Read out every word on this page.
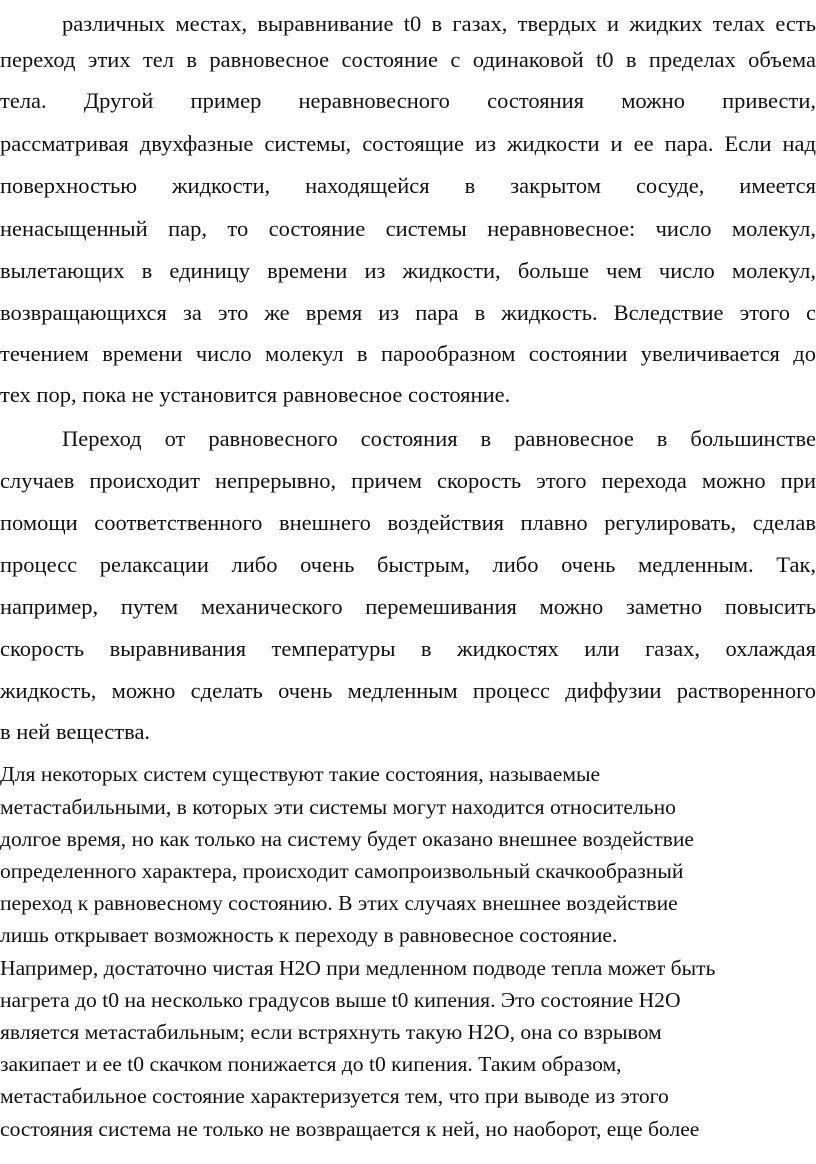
различных местах, выравнивание t0 в газах, твердых и жидких телах есть
переход этих тел в равновесное состояние с одинаковой t0 в пределах объема
тела. Другой пример неравновесного состояния можно привести,
рассматривая двухфазные системы, состоящие из жидкости и ее пара. Если над
поверхностью жидкости, находящейся в закрытом сосуде, имеется
ненасыщенный пар, то состояние системы неравновесное: число молекул,
вылетающих в единицу времени из жидкости, больше чем число молекул,
возвращающихся за это же время из пара в жидкость. Вследствие этого с
течением времени число молекул в парообразном состоянии увеличивается до
тех пор, пока не установится равновесное состояние.
Переход от равновесного состояния в равновесное в большинстве
случаев происходит непрерывно, причем скорость этого перехода можно при
помощи соответственного внешнего воздействия плавно регулировать, сделав
процесс релаксации либо очень быстрым, либо очень медленным. Так,
например, путем механического перемешивания можно заметно повысить
скорость выравнивания температуры в жидкостях или газах, охлаждая
жидкость, можно сделать очень медленным процесс диффузии растворенного
в ней вещества.
Для некоторых систем существуют такие состояния, называемые
метастабильными, в которых эти системы могут находится относительно
долгое время, но как только на систему будет оказано внешнее воздействие
определенного характера, происходит самопроизвольный скачкообразный
переход к равновесному состоянию. В этих случаях внешнее воздействие
лишь открывает возможность к переходу в равновесное состояние.
Например, достаточно чистая H2O при медленном подводе тепла может быть
нагрета до t0 на несколько градусов выше t0 кипения. Это состояние H2O
является метастабильным; если встряхнуть такую H2O, она со взрывом
закипает и ее t0 скачком понижается до t0 кипения. Таким образом,
метастабильное состояние характеризуется тем, что при выводе из этого
состояния система не только не возвращается к ней, но наоборот, еще более
